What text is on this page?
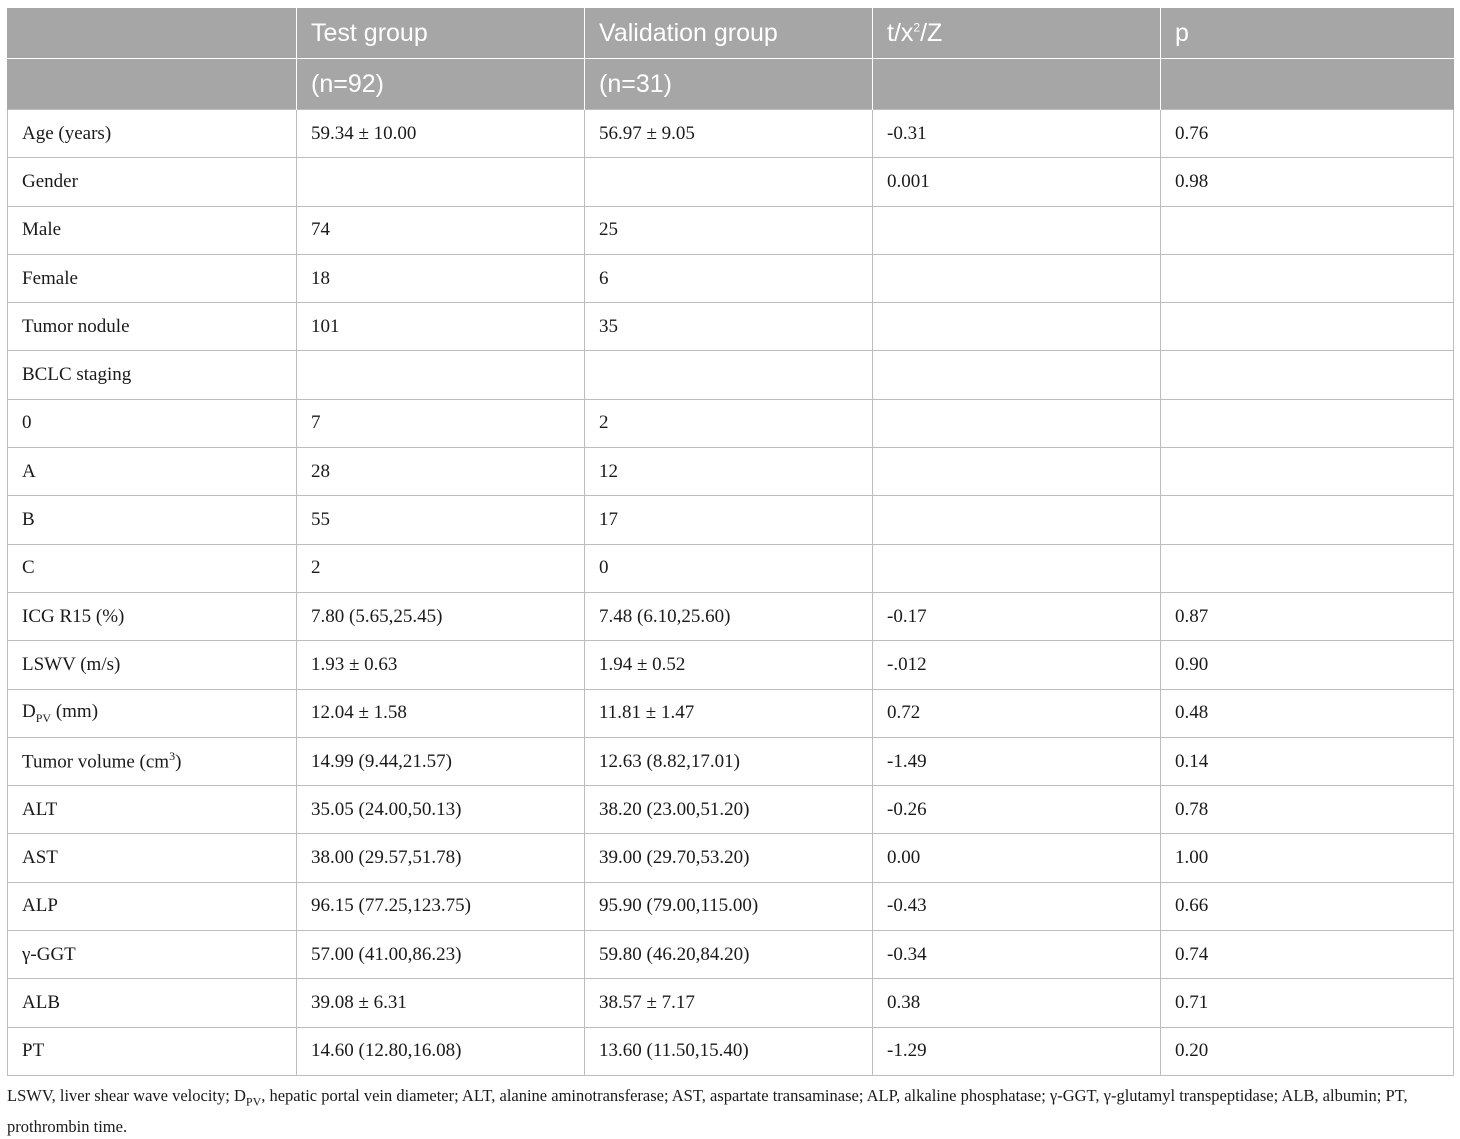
	Test group	Validation group	$t/x^2/Z$	p
	(n=92)	(n=31)		
Age (years)	59.34 ± 10.00	56.97 ± 9.05	-0.31	0.76
Gender			0.001	0.98
Male	74	25		
Female	18	6		
Tumor nodule	101	35		
BCLC staging				
0	7	2		
A	28	12		
B	55	17		
C	2	0		
ICG R15 (%)	7.80 (5.65,25.45)	7.48 (6.10,25.60)	-0.17	0.87
LSWV (m/s)	1.93 ± 0.63	1.94 ± 0.52	-.012	0.90
$D_{PV}$ (mm)	12.04 ± 1.58	11.81 ± 1.47	0.72	0.48
Tumor volume $(cm^3)$	14.99 (9.44,21.57)	12.63 (8.82,17.01)	-1.49	0.14
ALT	35.05 (24.00,50.13)	38.20 (23.00,51.20)	-0.26	0.78
AST	38.00 (29.57,51.78)	39.00 (29.70,53.20)	0.00	1.00
ALP	96.15 (77.25,123.75)	95.90 (79.00,115.00)	-0.43	0.66
γ-GGT	57.00 (41.00,86.23)	59.80 (46.20,84.20)	-0.34	0.74
ALB	39.08 ± 6.31	38.57 ± 7.17	0.38	0.71
PT	14.60 (12.80,16.08)	13.60 (11.50,15.40)	-1.29	0.20
LSWV, liver shear wave velocity; $D_{PV}$, hepatic portal vein diameter; ALT, alanine aminotransferase; AST, aspartate transaminase; ALP, alkaline phosphatase; γ-GGT, γ-glutamyl transpeptidase; ALB, albumin; PT, prothrombin time.
